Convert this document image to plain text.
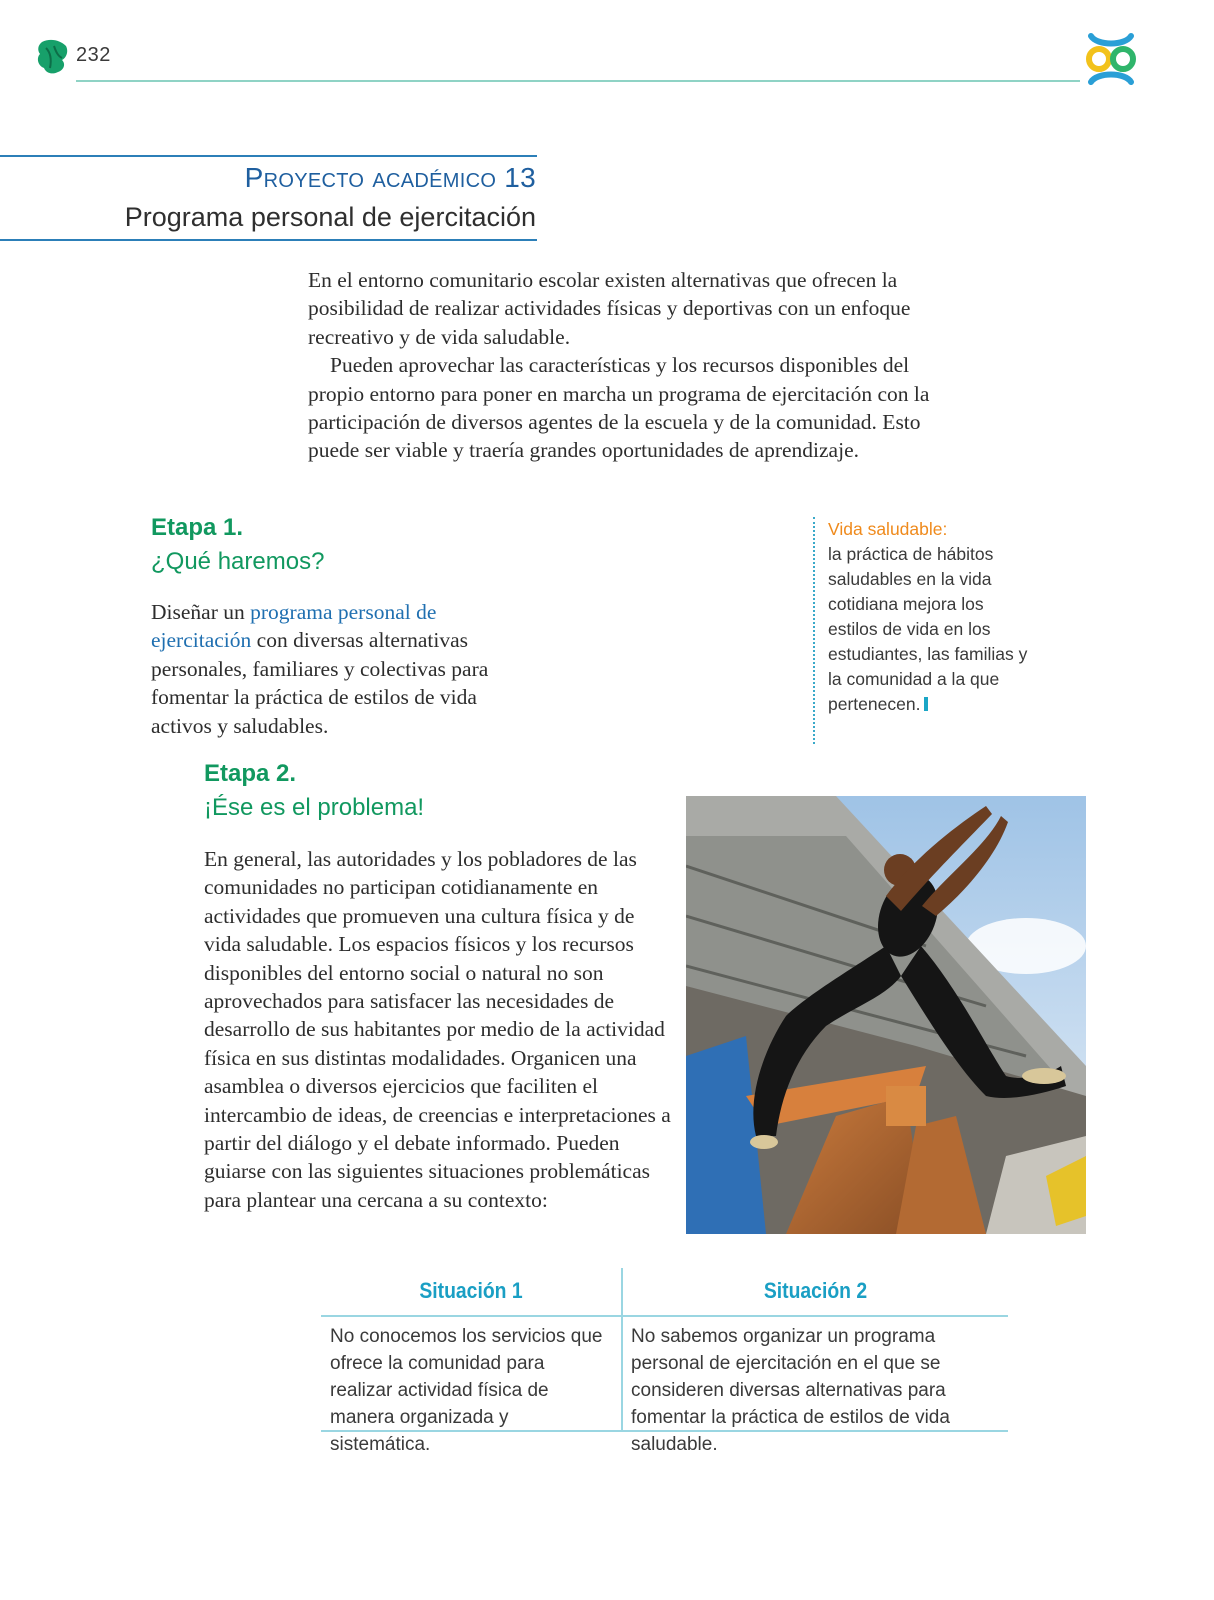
232
Proyecto académico 13
Programa personal de ejercitación

En el entorno comunitario escolar existen alternativas que ofrecen la posibilidad de realizar actividades físicas y deportivas con un enfoque recreativo y de vida saludable.

Pueden aprovechar las características y los recursos disponibles del propio entorno para poner en marcha un programa de ejercitación con la participación de diversos agentes de la escuela y de la comunidad. Esto puede ser viable y traería grandes oportunidades de aprendizaje.

Etapa 1.
¿Qué haremos?
Diseñar un programa personal de ejercitación con diversas alternativas personales, familiares y colectivas para fomentar la práctica de estilos de vida activos y saludables.
Vida saludable:
la práctica de hábitos saludables en la vida cotidiana mejora los estilos de vida en los estudiantes, las familias y la comunidad a la que pertenecen.
Etapa 2.
¡Ése es el problema!
En general, las autoridades y los pobladores de las comunidades no participan cotidianamente en actividades que promueven una cultura física y de vida saludable. Los espacios físicos y los recursos disponibles del entorno social o natural no son aprovechados para satisfacer las necesidades de desarrollo de sus habitantes por medio de la actividad física en sus distintas modalidades. Organicen una asamblea o diversos ejercicios que faciliten el intercambio de ideas, de creencias e interpretaciones a partir del diálogo y el debate informado. Pueden guiarse con las siguientes situaciones problemáticas para plantear una cercana a su contexto:
Situación 1	Situación 2
No conocemos los servicios que ofrece la comunidad para realizar actividad física de manera organizada y sistemática.
No sabemos organizar un programa personal de ejercitación en el que se consideren diversas alternativas para fomentar la práctica de estilos de vida saludable.
